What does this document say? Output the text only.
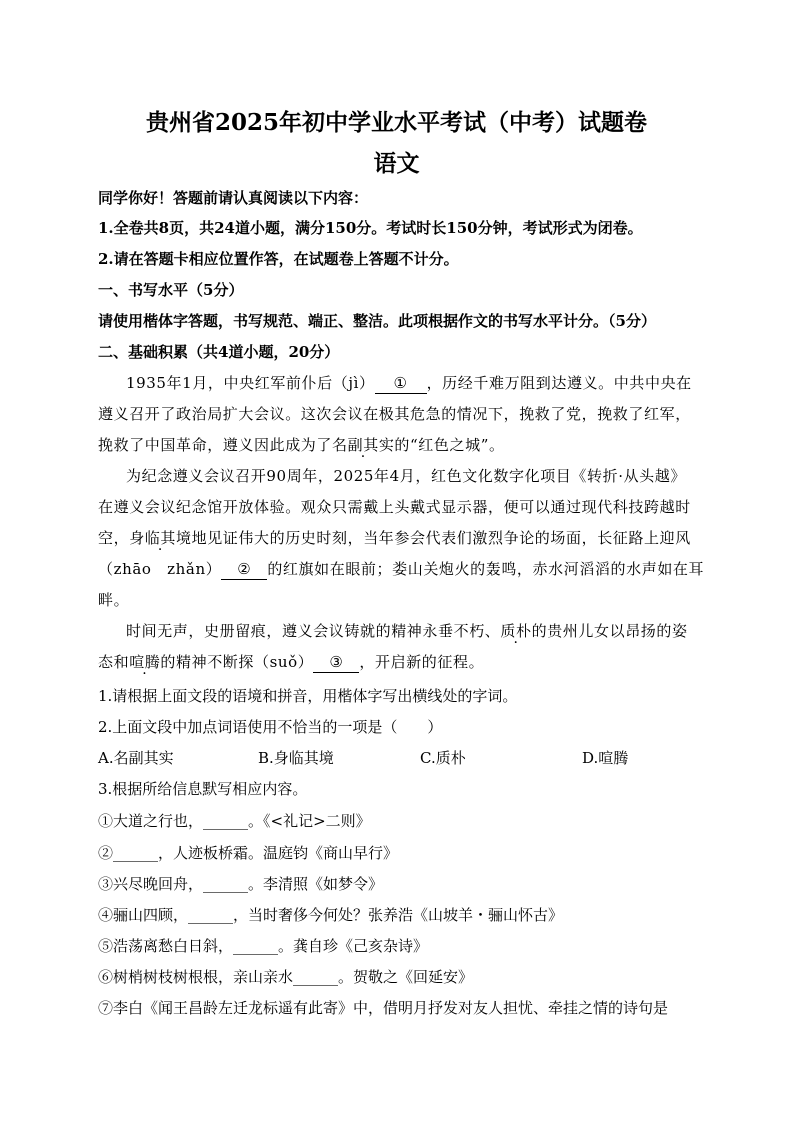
贵州省2025年初中学业水平考试（中考）试题卷
语文
同学你好！答题前请认真阅读以下内容：
1.全卷共8页，共24道小题，满分150分。考试时长150分钟，考试形式为闭卷。
2.请在答题卡相应位置作答，在试题卷上答题不计分。
一、书写水平（5分）
请使用楷体字答题，书写规范、端正、整洁。此项根据作文的书写水平计分。（5分）
二、基础积累（共4道小题，20分）
1935年1月，中央红军前仆后（jì） ① ，历经千难万阻到达遵义。中共中央在
遵义召开了政治局扩大会议。这次会议在极其危急的情况下，挽救了党，挽救了红军，
挽救了中国革命，遵义因此成为了名副其实的“红色之城”。
为纪念遵义会议召开90周年，2025年4月，红色文化数字化项目《转折·从头越》
在遵义会议纪念馆开放体验。观众只需戴上头戴式显示器，便可以通过现代科技跨越时
空，身临其境地见证伟大的历史时刻，当年参会代表们激烈争论的场面，长征路上迎风
（zhāo　zhǎn） ② 的红旗如在眼前；娄山关炮火的轰鸣，赤水河滔滔的水声如在耳
畔。
时间无声，史册留痕，遵义会议铸就的精神永垂不朽、质朴的贵州儿女以昂扬的姿
态和喧腾的精神不断探（suǒ） ③ ，开启新的征程。
1.请根据上面文段的语境和拼音，用楷体字写出横线处的字词。
2.上面文段中加点词语使用不恰当的一项是（　　）
A.名副其实	B.身临其境	C.质朴	D.喧腾
3.根据所给信息默写相应内容。
①大道之行也，______。《<礼记>二则》
②______，人迹板桥霜。温庭钧《商山早行》
③兴尽晚回舟，______。李清照《如梦令》
④骊山四顾，______，当时奢侈今何处？张养浩《山坡羊・骊山怀古》
⑤浩荡离愁白日斜，______。龚自珍《己亥杂诗》
⑥树梢树枝树根根，亲山亲水______。贺敬之《回延安》
⑦李白《闻王昌龄左迁龙标遥有此寄》中，借明月抒发对友人担忧、牵挂之情的诗句是
